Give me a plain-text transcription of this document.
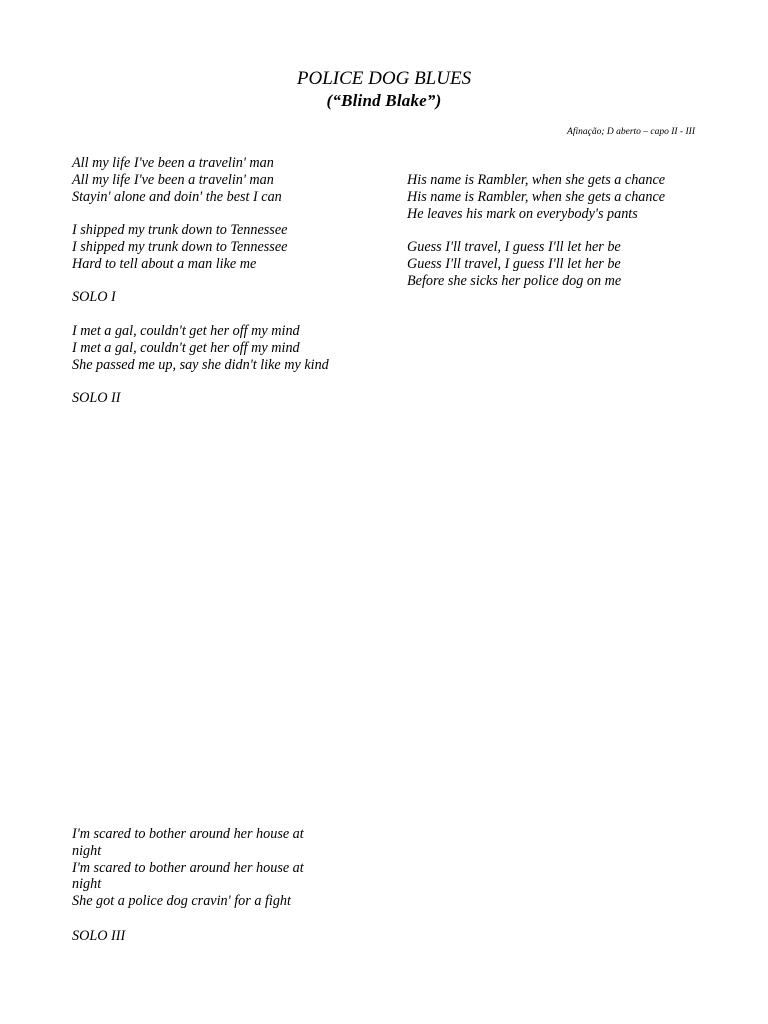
POLICE DOG BLUES
(“Blind Blake”)
Afinação; D aberto – capo II - III
All my life I've been a travelin' man
All my life I've been a travelin' man
Stayin' alone and doin' the best I can
I shipped my trunk down to Tennessee
I shipped my trunk down to Tennessee
Hard to tell about a man like me
SOLO I
I met a gal, couldn't get her off my mind
I met a gal, couldn't get her off my mind
She passed me up, say she didn't like my kind
SOLO II
I'm scared to bother around her house at
night
I'm scared to bother around her house at
night
She got a police dog cravin' for a fight
SOLO III
His name is Rambler, when she gets a chance
His name is Rambler, when she gets a chance
He leaves his mark on everybody's pants
Guess I'll travel, I guess I'll let her be
Guess I'll travel, I guess I'll let her be
Before she sicks her police dog on me
